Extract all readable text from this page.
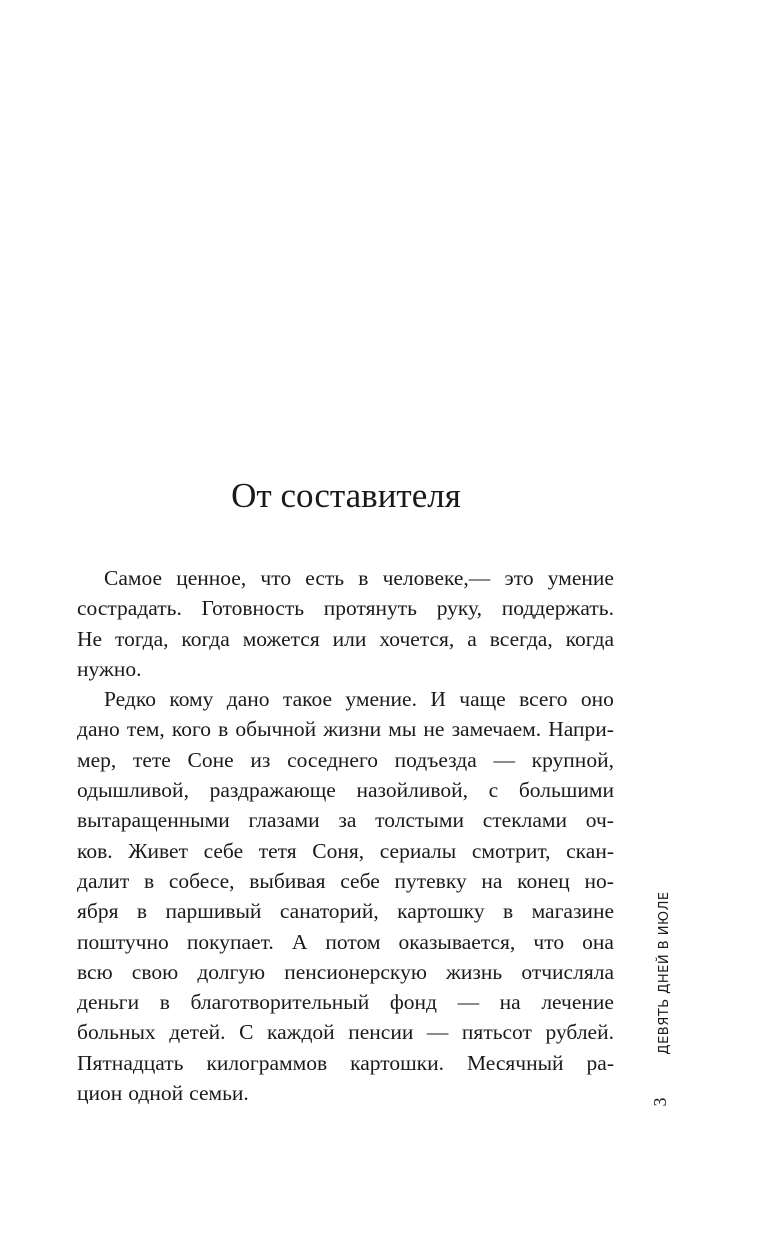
От составителя
Самое ценное, что есть в человеке,— это умение
сострадать. Готовность протянуть руку, поддержать.
Не тогда, когда можется или хочется, а всегда, когда
нужно.
Редко кому дано такое умение. И чаще всего оно
дано тем, кого в обычной жизни мы не замечаем. Напри-
мер, тете Соне из соседнего подъезда — крупной,
одышливой, раздражающе назойливой, с большими
вытаращенными глазами за толстыми стеклами оч-
ков. Живет себе тетя Соня, сериалы смотрит, скан-
далит в собесе, выбивая себе путевку на конец но-
ября в паршивый санаторий, картошку в магазине
поштучно покупает. А потом оказывается, что она
всю свою долгую пенсионерскую жизнь отчисляла
деньги в благотворительный фонд — на лечение
больных детей. С каждой пенсии — пятьсот рублей.
Пятнадцать килограммов картошки. Месячный ра-
цион одной семьи.
ДЕВЯТЬ ДНЕЙ В ИЮЛЕ
3
